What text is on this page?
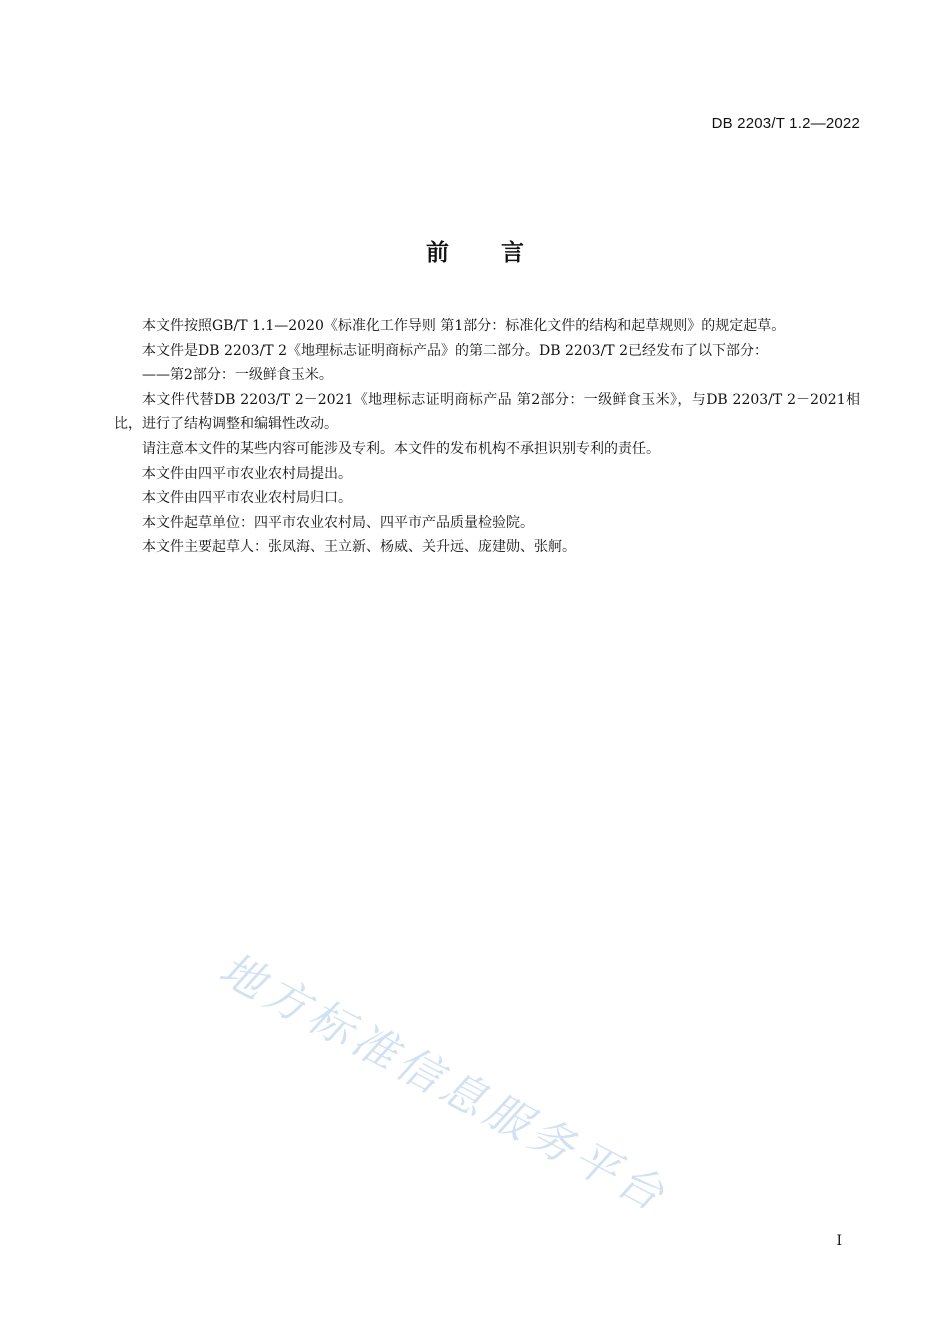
DB 2203/T 1.2—2022
前言

本文件按照GB/T 1.1—2020《标准化工作导则 第1部分：标准化文件的结构和起草规则》的规定起草。

本文件是DB 2203/T 2《地理标志证明商标产品》的第二部分。DB 2203/T 2已经发布了以下部分：

——第2部分：一级鲜食玉米。

本文件代替DB 2203/T 2－2021《地理标志证明商标产品 第2部分：一级鲜食玉米》，与DB 2203/T 2－2021相比，进行了结构调整和编辑性改动。

请注意本文件的某些内容可能涉及专利。本文件的发布机构不承担识别专利的责任。

本文件由四平市农业农村局提出。

本文件由四平市农业农村局归口。

本文件起草单位：四平市农业农村局、四平市产品质量检验院。

本文件主要起草人：张凤海、王立新、杨威、关升远、庞建勋、张舸。

地方标准信息服务平台
I
